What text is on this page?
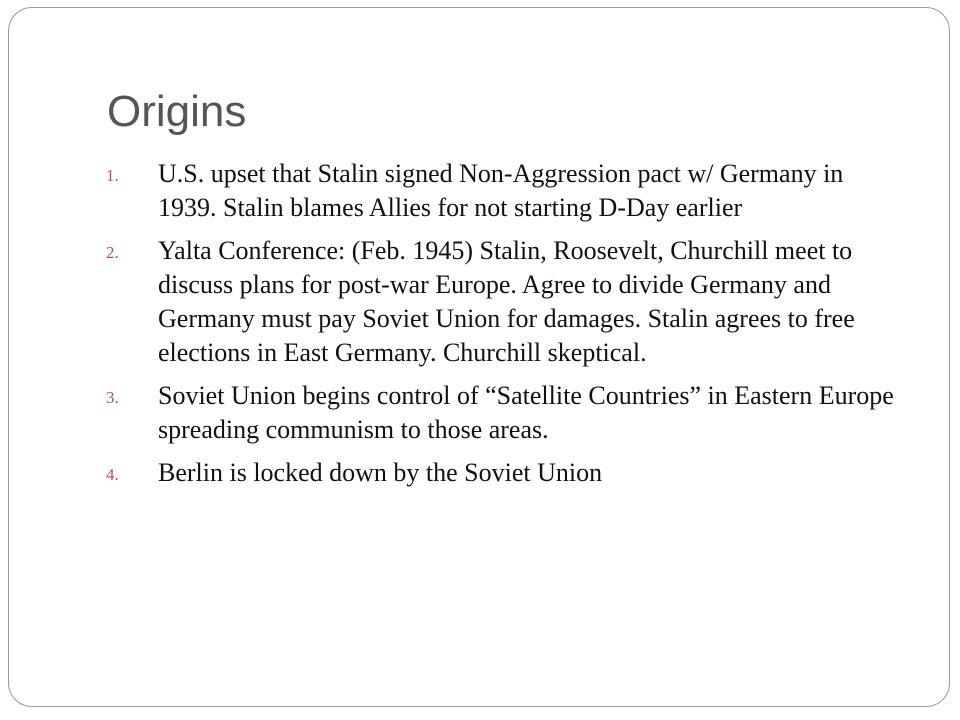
Origins
1. U.S. upset that Stalin signed Non-Aggression pact w/ Germany in 1939. Stalin blames Allies for not starting D-Day earlier
2. Yalta Conference: (Feb. 1945) Stalin, Roosevelt, Churchill meet to discuss plans for post-war Europe. Agree to divide Germany and Germany must pay Soviet Union for damages. Stalin agrees to free elections in East Germany. Churchill skeptical.
3. Soviet Union begins control of “Satellite Countries” in Eastern Europe spreading communism to those areas.
4. Berlin is locked down by the Soviet Union
